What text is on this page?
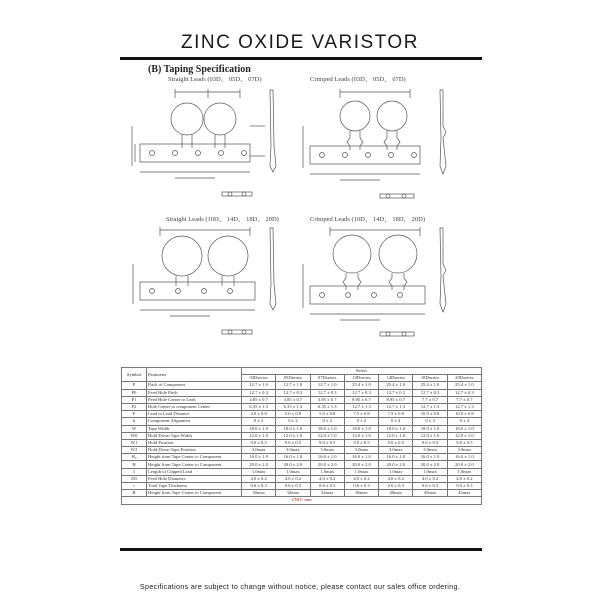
ZINC OXIDE VARISTOR
(B) Taping Specification
Straight Leads (03D、 05D、 07D)	Crimped Leads (03D、 05D、 07D)
Straight Leads (10D、 14D、 18D、 20D)	Crimped Leads (10D、 14D、 18D、 20D)
Symbol	Parameter	Series						
		03Dseries	05Dseries	07Dseries	10Dseries	14Dseries	18Dseries	20Dseries
P	Pitch of Component	12.7 ± 1.0	12.7 ± 1.0	12.7 ± 1.0	25.4 ± 1.0	25.4 ± 1.0	25.4 ± 1.0	25.4 ± 1.0
P0	Feed Hole Pitch	12.7 ± 0.3	12.7 ± 0.3	12.7 ± 0.3	12.7 ± 0.3	12.7 ± 0.3	12.7 ± 0.3	12.7 ± 0.3
P1	Feed Hole Center to Lead	4.85 ± 0.7	3.85 ± 0.7	3.85 ± 0.7	8.95 ± 0.7	8.95 ± 0.7	7.7 ± 0.7	7.7 ± 0.7
P2	Hole Center to component Center	6.35 ± 1.3	6.35 ± 1.3	6.35 ± 1.3	12.7 ± 1.3	12.7 ± 1.3	12.7 ± 1.3	12.7 ± 1.3
F	Lead to Lead Distance	4.0 ± 0.8	5.0 ± 0.8	5.0 ± 0.8	7.5 ± 0.8	7.5 ± 0.8	10.0 ± 0.8	10.0 ± 0.8
h	Component Alignment	0 ± 2	0 ± 2	0 ± 2	0 ± 2	0 ± 4	0 ± 4	0 ± 4
W	Tape Width	18.0 ± 1.0	18.0 ± 1.0	18.0 ± 1.0	18.0 ± 1.0	18.0 ± 1.0	18.0 ± 1.0	18.0 ± 1.0
W0	Hold Down Tape Width	12.0 ± 1.0	12.0 ± 1.0	12.0 ± 1.0	12.0 ± 1.0	12.0 ± 1.0	12.0 ± 1.0	12.0 ± 1.0
W1	Hold Position	9.0 ± 0.5	9.0 ± 0.5	9.0 ± 0.5	9.0 ± 0.5	9.0 ± 0.5	9.0 ± 0.5	9.0 ± 0.5
W2	Hold Down Tape Position	3.0max	3.0max	3.0max	3.0max	3.0max	3.0max	3.0max
H₀	Height from Tape Center to Component	16.0 ± 1.0	16.0 ± 1.0	16.0 ± 1.0	16.0 ± 1.0	16.0 ± 1.0	16.0 ± 1.0	16.0 ± 1.0
H	Height from Tape Center to Component	20.0 ± 2.0	20.0 ± 2.0	20.0 ± 2.0	20.0 ± 2.0	20.0 ± 2.0	20.0 ± 2.0	20.0 ± 2.0
I	Length of Clipped Lead	1.0max	1.0max	1.0max	1.0max	1.0max	1.0max	1.0max
D0	Feed Hole Diameter	4.0 ± 0.2	4.0 ± 0.2	4.0 ± 0.2	4.0 ± 0.2	4.0 ± 0.2	4.0 ± 0.2	4.0 ± 0.2
t	Total Tape Thickness	0.6 ± 0.3	0.6 ± 0.3	0.6 ± 0.3	0.6 ± 0.3	0.6 ± 0.3	0.6 ± 0.3	0.6 ± 0.3
B	Height from Tape Center to Component	30max	32max	32max	36max	40max	45max	45max
UNIT: mm								
Specifications are subject to change without notice, please contact our sales office ordering.
